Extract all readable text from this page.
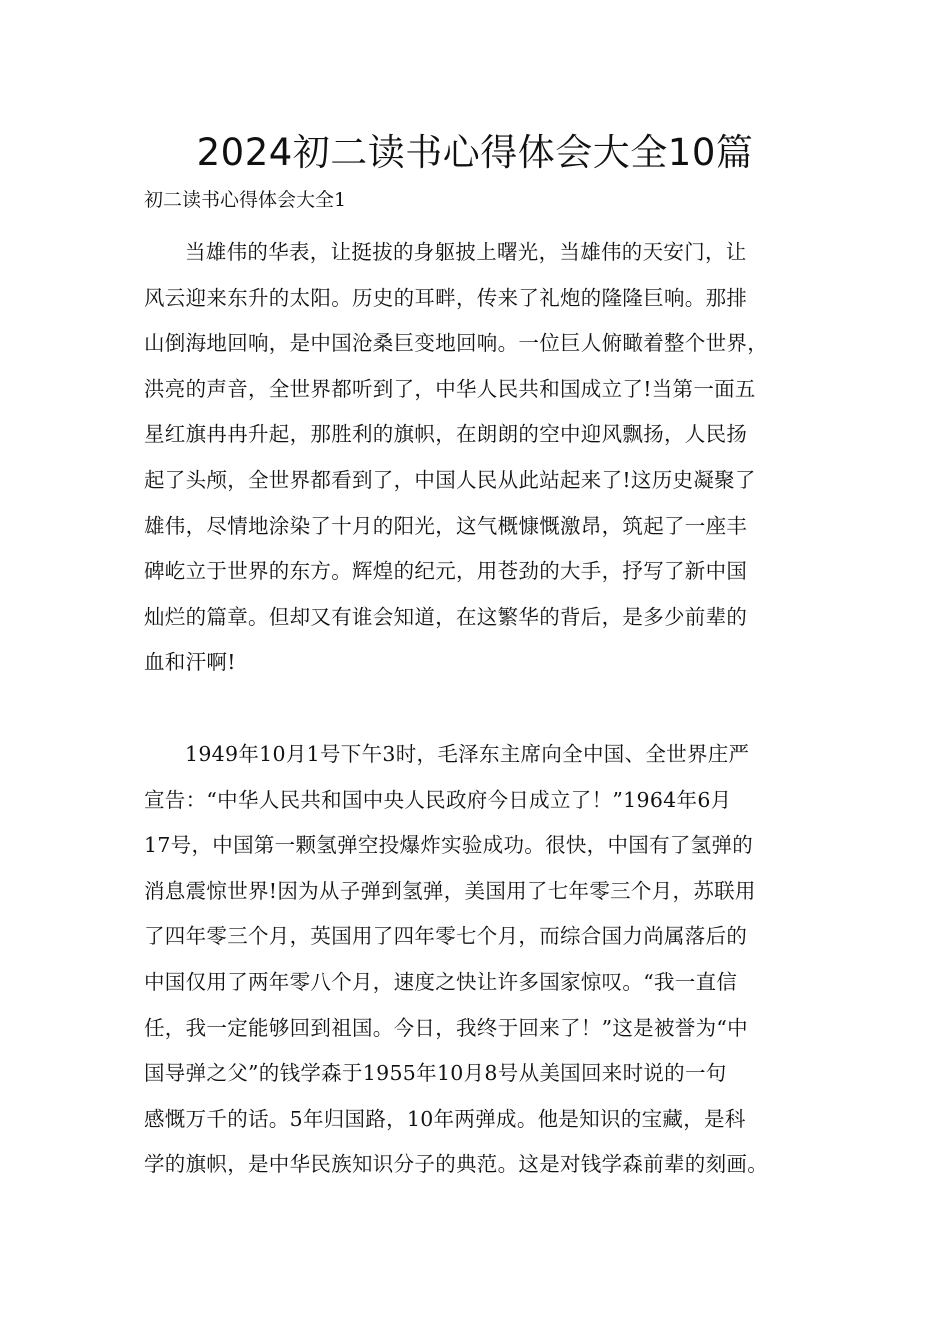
2024初二读书心得体会大全10篇
初二读书心得体会大全1

当雄伟的华表，让挺拔的身躯披上曙光，当雄伟的天安门，让
风云迎来东升的太阳。历史的耳畔，传来了礼炮的隆隆巨响。那排
山倒海地回响，是中国沧桑巨变地回响。一位巨人俯瞰着整个世界，
洪亮的声音，全世界都听到了，中华人民共和国成立了!当第一面五
星红旗冉冉升起，那胜利的旗帜，在朗朗的空中迎风飘扬，人民扬
起了头颅，全世界都看到了，中国人民从此站起来了!这历史凝聚了
雄伟，尽情地涂染了十月的阳光，这气概慷慨激昂，筑起了一座丰
碑屹立于世界的东方。辉煌的纪元，用苍劲的大手，抒写了新中国
灿烂的篇章。但却又有谁会知道，在这繁华的背后，是多少前辈的
血和汗啊!

1949年10月1号下午3时，毛泽东主席向全中国、全世界庄严
宣告：“中华人民共和国中央人民政府今日成立了！”1964年6月
17号，中国第一颗氢弹空投爆炸实验成功。很快，中国有了氢弹的
消息震惊世界!因为从子弹到氢弹，美国用了七年零三个月，苏联用
了四年零三个月，英国用了四年零七个月，而综合国力尚属落后的
中国仅用了两年零八个月，速度之快让许多国家惊叹。“我一直信
任，我一定能够回到祖国。今日，我终于回来了！”这是被誉为“中
国导弹之父”的钱学森于1955年10月8号从美国回来时说的一句
感慨万千的话。5年归国路，10年两弹成。他是知识的宝藏，是科
学的旗帜，是中华民族知识分子的典范。这是对钱学森前辈的刻画。
